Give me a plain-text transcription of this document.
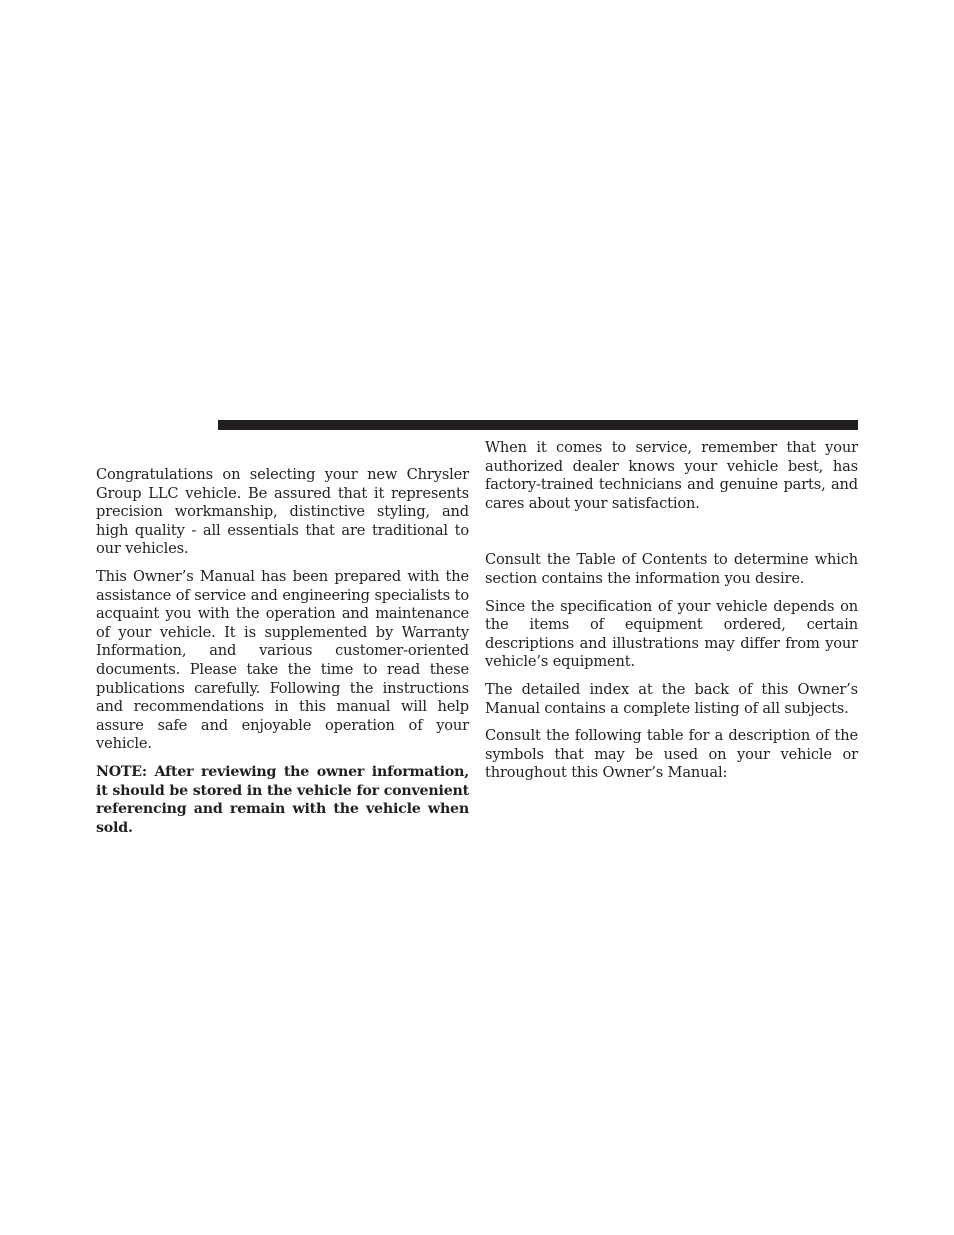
Congratulations on selecting your new Chrysler Group LLC vehicle. Be assured that it represents precision workmanship, distinctive styling, and high quality - all essentials that are traditional to our vehicles.

This Owner’s Manual has been prepared with the assistance of service and engineering specialists to acquaint you with the operation and maintenance of your vehicle. It is supplemented by Warranty Information, and various customer-oriented documents. Please take the time to read these publications carefully. Following the instructions and recommendations in this manual will help assure safe and enjoyable operation of your vehicle.

NOTE: After reviewing the owner information, it should be stored in the vehicle for convenient referencing and remain with the vehicle when sold.

When it comes to service, remember that your authorized dealer knows your vehicle best, has factory-trained technicians and genuine parts, and cares about your satisfaction.

Consult the Table of Contents to determine which section contains the information you desire.

Since the specification of your vehicle depends on the items of equipment ordered, certain descriptions and illustrations may differ from your vehicle’s equipment.

The detailed index at the back of this Owner’s Manual contains a complete listing of all subjects.

Consult the following table for a description of the symbols that may be used on your vehicle or throughout this Owner’s Manual:
